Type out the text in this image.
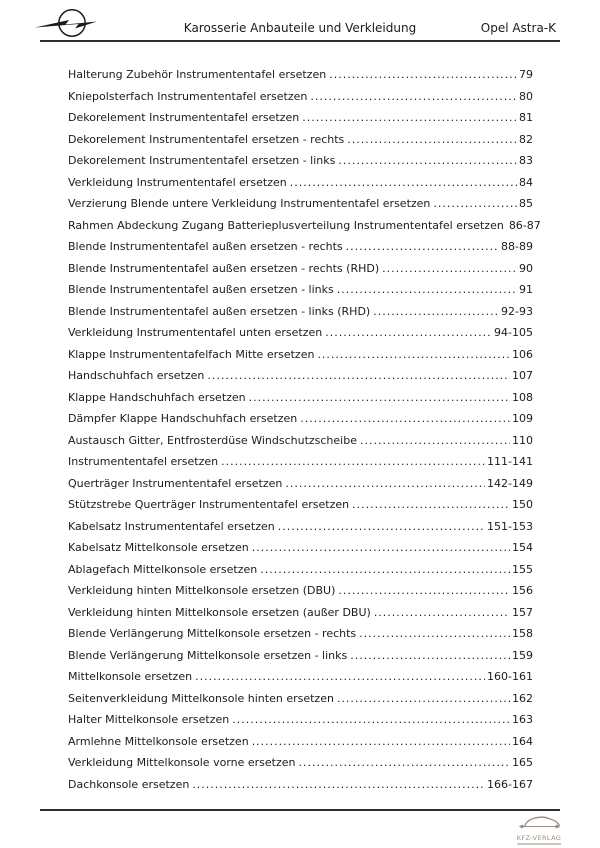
Karosserie Anbauteile und Verkleidung	Opel Astra-K
Halterung Zubehör Instrumententafel ersetzen .....	79
Kniepolsterfach Instrumententafel ersetzen .....	80
Dekorelement Instrumententafel ersetzen .....	81
Dekorelement Instrumententafel ersetzen - rechts .....	82
Dekorelement Instrumententafel ersetzen - links .....	83
Verkleidung Instrumententafel ersetzen .....	84
Verzierung Blende untere Verkleidung Instrumententafel ersetzen .....	85
Rahmen Abdeckung Zugang Batterieplusverteilung Instrumententafel ersetzen 86-87
Blende Instrumententafel außen ersetzen - rechts .....	88-89
Blende Instrumententafel außen ersetzen - rechts (RHD) .....	90
Blende Instrumententafel außen ersetzen - links .....	91
Blende Instrumententafel außen ersetzen - links (RHD) .....	92-93
Verkleidung Instrumententafel unten ersetzen .....	94-105
Klappe Instrumententafelfach Mitte ersetzen .....	106
Handschuhfach ersetzen .....	107
Klappe Handschuhfach ersetzen .....	108
Dämpfer Klappe Handschuhfach ersetzen .....	109
Austausch Gitter, Entfrosterdüse Windschutzscheibe .....	110
Instrumententafel ersetzen .....	111-141
Querträger Instrumententafel ersetzen .....	142-149
Stützstrebe Querträger Instrumententafel ersetzen .....	150
Kabelsatz Instrumententafel ersetzen .....	151-153
Kabelsatz Mittelkonsole ersetzen .....	154
Ablagefach Mittelkonsole ersetzen .....	155
Verkleidung hinten Mittelkonsole ersetzen (DBU) .....	156
Verkleidung hinten Mittelkonsole ersetzen (außer DBU) .....	157
Blende Verlängerung Mittelkonsole ersetzen - rechts .....	158
Blende Verlängerung Mittelkonsole ersetzen - links .....	159
Mittelkonsole ersetzen .....	160-161
Seitenverkleidung Mittelkonsole hinten ersetzen .....	162
Halter Mittelkonsole ersetzen .....	163
Armlehne Mittelkonsole ersetzen .....	164
Verkleidung Mittelkonsole vorne ersetzen .....	165
Dachkonsole ersetzen .....	166-167
KFZ-VERLAG
